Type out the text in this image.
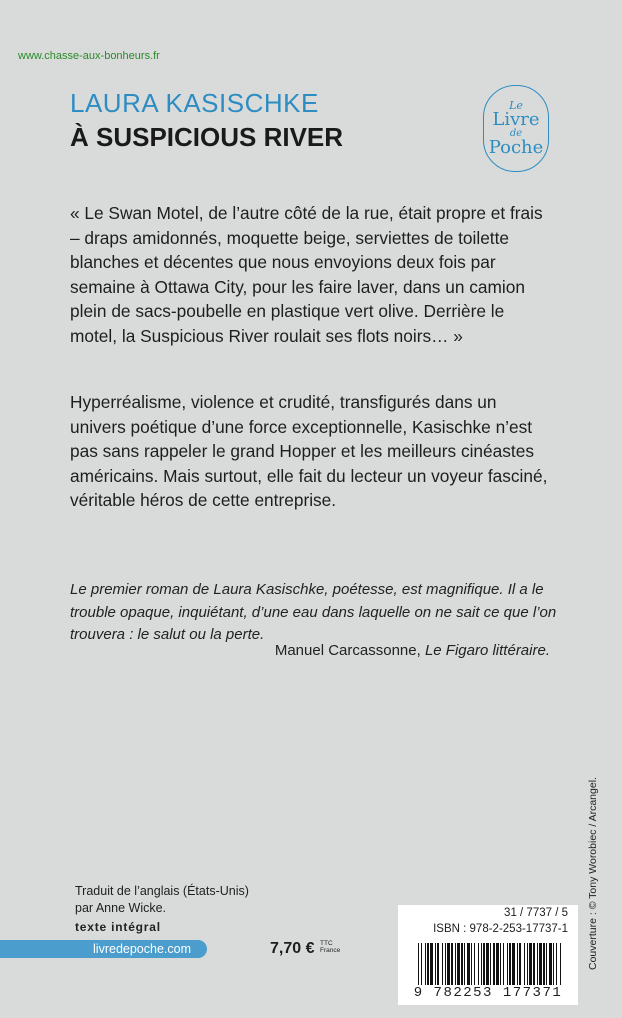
www.chasse-aux-bonheurs.fr
LAURA KASISCHKE
À SUSPICIOUS RIVER
Le
Livre
de
Poche

« Le Swan Motel, de l’autre côté de la rue, était propre et frais – draps amidonnés, moquette beige, serviettes de toilette blanches et décentes que nous envoyions deux fois par semaine à Ottawa City, pour les faire laver, dans un camion plein de sacs-poubelle en plastique vert olive. Derrière le motel, la Suspicious River roulait ses flots noirs… »

Hyperréalisme, violence et crudité, transfigurés dans un univers poétique d’une force exceptionnelle, Kasischke n’est pas sans rappeler le grand Hopper et les meilleurs cinéastes américains. Mais surtout, elle fait du lecteur un voyeur fasciné, véritable héros de cette entreprise.

Le premier roman de Laura Kasischke, poétesse, est magnifique. Il a le trouble opaque, inquiétant, d’une eau dans laquelle on ne sait ce que l’on trouvera : le salut ou la perte.
Manuel Carcassonne, Le Figaro littéraire.
Couverture : © Tony Worobiec / Arcangel.
Traduit de l’anglais (États-Unis)
par Anne Wicke.
texte intégral
livredepoche.com	7,70 € TTC
France
31 / 7737 / 5
ISBN : 978-2-253-17737-1
9 782253 177371
